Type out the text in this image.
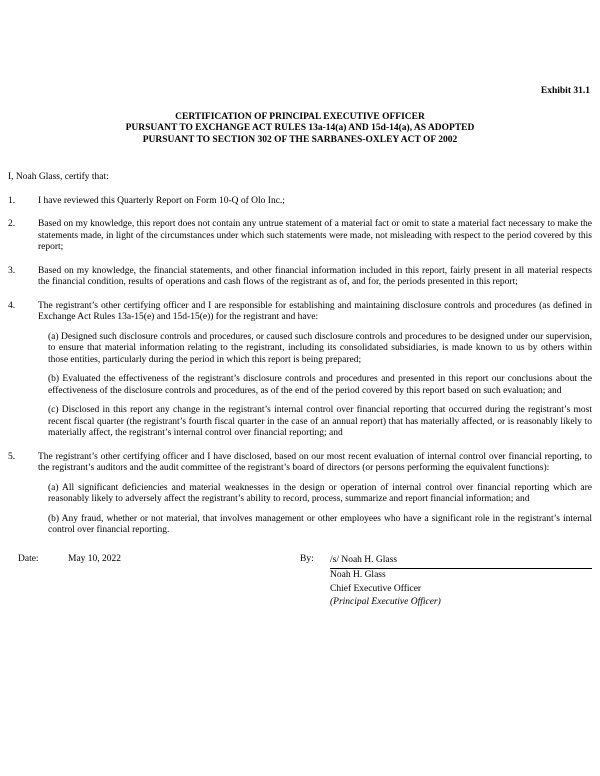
Exhibit 31.1
CERTIFICATION OF PRINCIPAL EXECUTIVE OFFICER
PURSUANT TO EXCHANGE ACT RULES 13a-14(a) AND 15d-14(a), AS ADOPTED
PURSUANT TO SECTION 302 OF THE SARBANES-OXLEY ACT OF 2002

I, Noah Glass, certify that:

1.	I have reviewed this Quarterly Report on Form 10-Q of Olo Inc.;

2.	Based on my knowledge, this report does not contain any untrue statement of a material fact or omit to state a material fact necessary to make the statements made, in light of the circumstances under which such statements were made, not misleading with respect to the period covered by this report;

3.	Based on my knowledge, the financial statements, and other financial information included in this report, fairly present in all material respects the financial condition, results of operations and cash flows of the registrant as of, and for, the periods presented in this report;

4.	The registrant’s other certifying officer and I are responsible for establishing and maintaining disclosure controls and procedures (as defined in Exchange Act Rules 13a-15(e) and 15d-15(e)) for the registrant and have:

(a) Designed such disclosure controls and procedures, or caused such disclosure controls and procedures to be designed under our supervision, to ensure that material information relating to the registrant, including its consolidated subsidiaries, is made known to us by others within those entities, particularly during the period in which this report is being prepared;

(b) Evaluated the effectiveness of the registrant’s disclosure controls and procedures and presented in this report our conclusions about the effectiveness of the disclosure controls and procedures, as of the end of the period covered by this report based on such evaluation; and

(c) Disclosed in this report any change in the registrant’s internal control over financial reporting that occurred during the registrant’s most recent fiscal quarter (the registrant’s fourth fiscal quarter in the case of an annual report) that has materially affected, or is reasonably likely to materially affect, the registrant’s internal control over financial reporting; and

5.	The registrant’s other certifying officer and I have disclosed, based on our most recent evaluation of internal control over financial reporting, to the registrant’s auditors and the audit committee of the registrant’s board of directors (or persons performing the equivalent functions):

(a) All significant deficiencies and material weaknesses in the design or operation of internal control over financial reporting which are reasonably likely to adversely affect the registrant’s ability to record, process, summarize and report financial information; and

(b) Any fraud, whether or not material, that involves management or other employees who have a significant role in the registrant’s internal control over financial reporting.

Date:	May 10, 2022	By:	/s/ Noah H. Glass
Noah H. Glass
Chief Executive Officer
(Principal Executive Officer)
